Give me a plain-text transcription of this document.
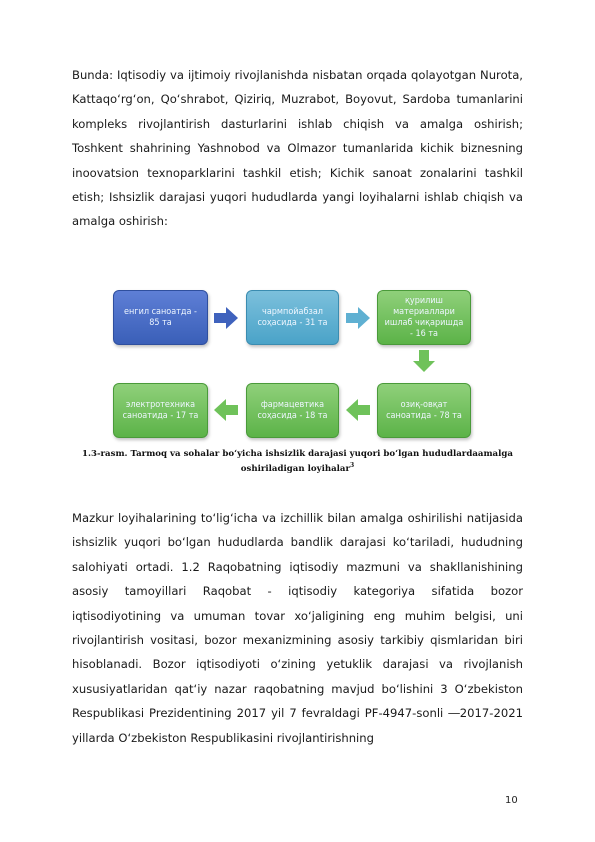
Bunda: Iqtisodiy va ijtimoiy rivojlanishda nisbatan orqada qolayotgan Nurota, Kattaqo‘rg‘on, Qo‘shrabot, Qiziriq, Muzrabot, Boyovut, Sardoba tumanlarini kompleks rivojlantirish dasturlarini ishlab chiqish va amalga oshirish; Toshkent shahrining Yashnobod va Olmazor tumanlarida kichik biznesning inoovatsion texnoparklarini tashkil etish; Kichik sanoat zonalarini tashkil etish; Ishsizlik darajasi yuqori hududlarda yangi loyihalarni ishlab chiqish va amalga oshirish:

енгил саноатда - 85 та
чармпойабзал соҳасида - 31 та
қурилиш материаллари ишлаб чиқаришда - 16 та
озиқ-овқат саноатида - 78 та
фармацевтика соҳасида - 18 та
электротехника саноатида - 17 та
1.3-rasm. Tarmoq va sohalar bo‘yicha ishsizlik darajasi yuqori bo‘lgan hududlardaamalga
oshiriladigan loyihalar$^3$

Mazkur loyihalarining to‘lig‘icha va izchillik bilan amalga oshirilishi natijasida ishsizlik yuqori bo‘lgan hududlarda bandlik darajasi ko‘tariladi, hududning salohiyati ortadi. 1.2 Raqobatning iqtisodiy mazmuni va shakllanishining asosiy tamoyillari Raqobat - iqtisodiy kategoriya sifatida bozor iqtisodiyotining va umuman tovar xo‘jaligining eng muhim belgisi, uni rivojlantirish vositasi, bozor mexanizmining asosiy tarkibiy qismlaridan biri hisoblanadi. Bozor iqtisodiyoti o‘zining yetuklik darajasi va rivojlanish xususiyatlaridan qat‘iy nazar raqobatning mavjud bo‘lishini 3 O‘zbekiston Respublikasi Prezidentining 2017 yil 7 fevraldagi PF-4947-sonli ―2017-2021 yillarda O‘zbekiston Respublikasini rivojlantirishning

10
